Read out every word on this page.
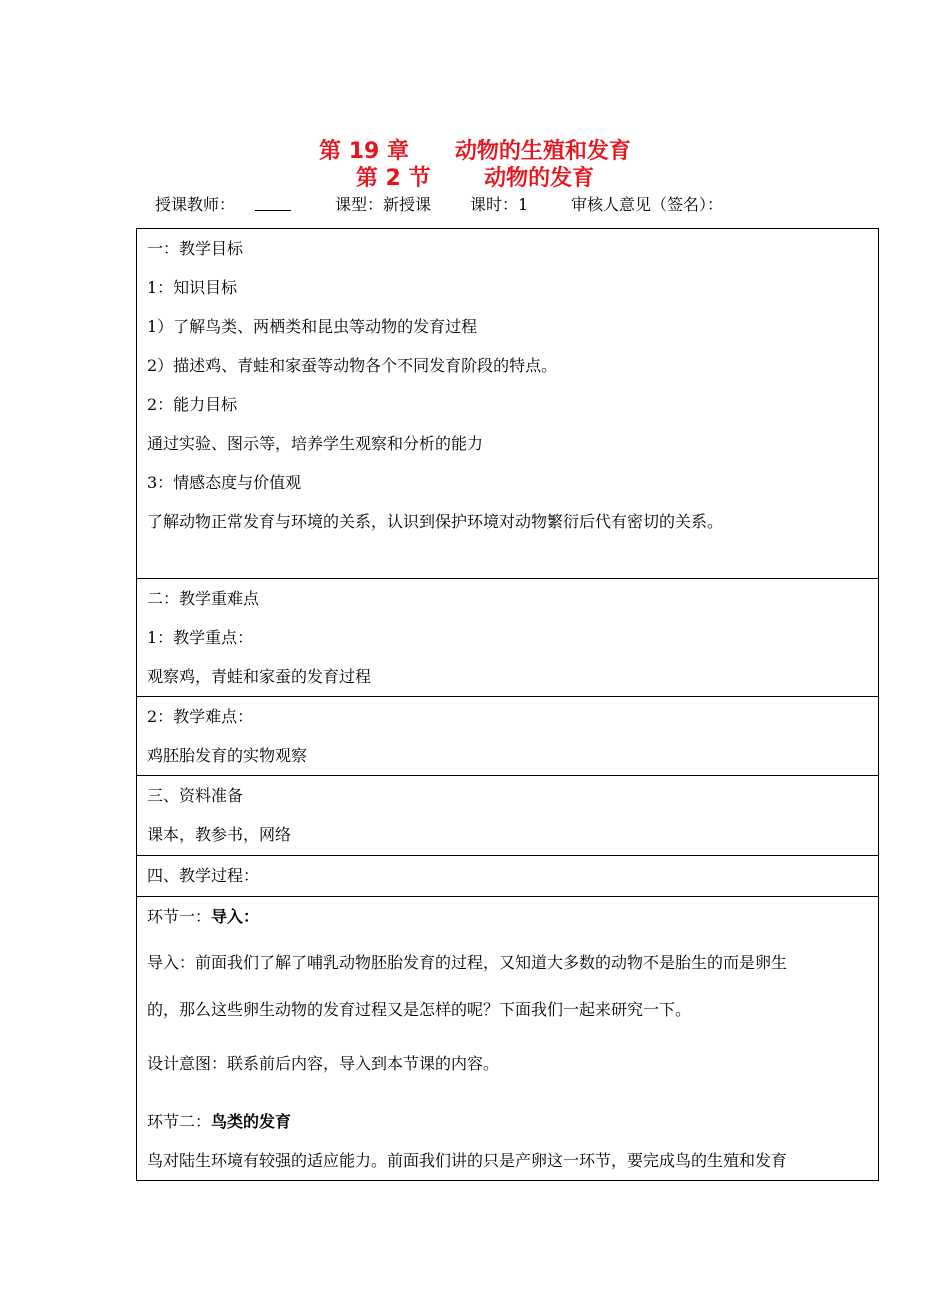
第 19 章      动物的生殖和发育
第 2 节       动物的发育
授课教师：	课型：新授课 课时：1	审核人意见（签名）：
一：教学目标
1：知识目标
1）了解鸟类、两栖类和昆虫等动物的发育过程
2）描述鸡、青蛙和家蚕等动物各个不同发育阶段的特点。
2：能力目标
通过实验、图示等，培养学生观察和分析的能力
3：情感态度与价值观
了解动物正常发育与环境的关系，认识到保护环境对动物繁衍后代有密切的关系。

二：教学重难点
1：教学重点：
观察鸡，青蛙和家蚕的发育过程

2：教学难点：
鸡胚胎发育的实物观察

三、资料准备
课本，教参书，网络

四、教学过程：

环节一：导入：
导入：前面我们了解了哺乳动物胚胎发育的过程，又知道大多数的动物不是胎生的而是卵生
的，那么这些卵生动物的发育过程又是怎样的呢？下面我们一起来研究一下。
设计意图：联系前后内容，导入到本节课的内容。
环节二：鸟类的发育
鸟对陆生环境有较强的适应能力。前面我们讲的只是产卵这一环节，要完成鸟的生殖和发育
